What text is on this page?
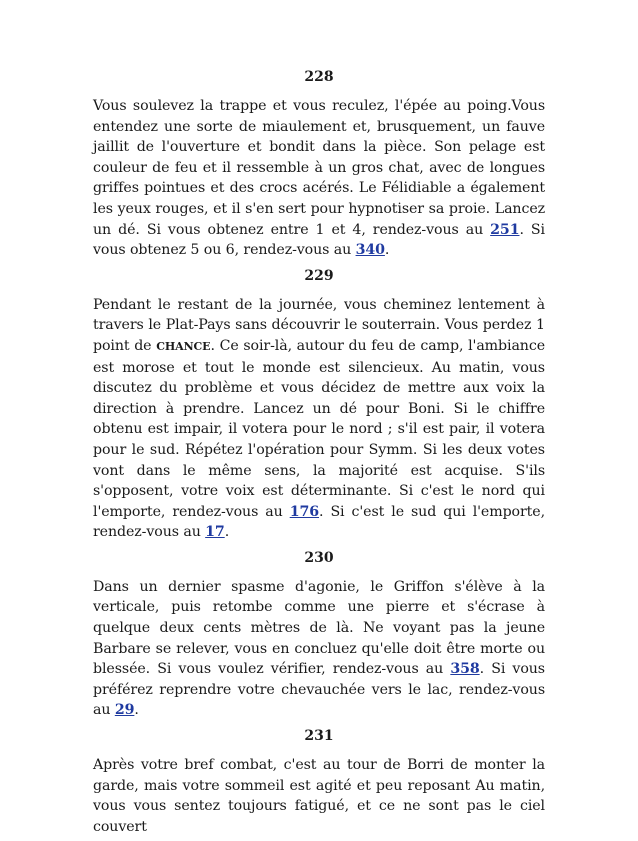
228

Vous soulevez la trappe et vous reculez, l'épée au poing.Vous entendez une sorte de miaulement et, brusquement, un fauve jaillit de l'ouverture et bondit dans la pièce. Son pelage est couleur de feu et il ressemble à un gros chat, avec de longues griffes pointues et des crocs acérés. Le Félidiable a également les yeux rouges, et il s'en sert pour hypnotiser sa proie. Lancez un dé. Si vous obtenez entre 1 et 4, rendez-vous au 251. Si vous obtenez 5 ou 6, rendez-vous au 340.

229

Pendant le restant de la journée, vous cheminez lentement à travers le Plat-Pays sans découvrir le souterrain. Vous perdez 1 point de CHANCE. Ce soir-là, autour du feu de camp, l'ambiance est morose et tout le monde est silencieux. Au matin, vous discutez du problème et vous décidez de mettre aux voix la direction à prendre. Lancez un dé pour Boni. Si le chiffre obtenu est impair, il votera pour le nord ; s'il est pair, il votera pour le sud. Répétez l'opération pour Symm. Si les deux votes vont dans le même sens, la majorité est acquise. S'ils s'opposent, votre voix est déterminante. Si c'est le nord qui l'emporte, rendez-vous au 176. Si c'est le sud qui l'emporte, rendez-vous au 17.

230

Dans un dernier spasme d'agonie, le Griffon s'élève à la verticale, puis retombe comme une pierre et s'écrase à quelque deux cents mètres de là. Ne voyant pas la jeune Barbare se relever, vous en concluez qu'elle doit être morte ou blessée. Si vous voulez vérifier, rendez-vous au 358. Si vous préférez reprendre votre chevauchée vers le lac, rendez-vous au 29.

231

Après votre bref combat, c'est au tour de Borri de monter la garde, mais votre sommeil est agité et peu reposant Au matin, vous vous sentez toujours fatigué, et ce ne sont pas le ciel couvert
